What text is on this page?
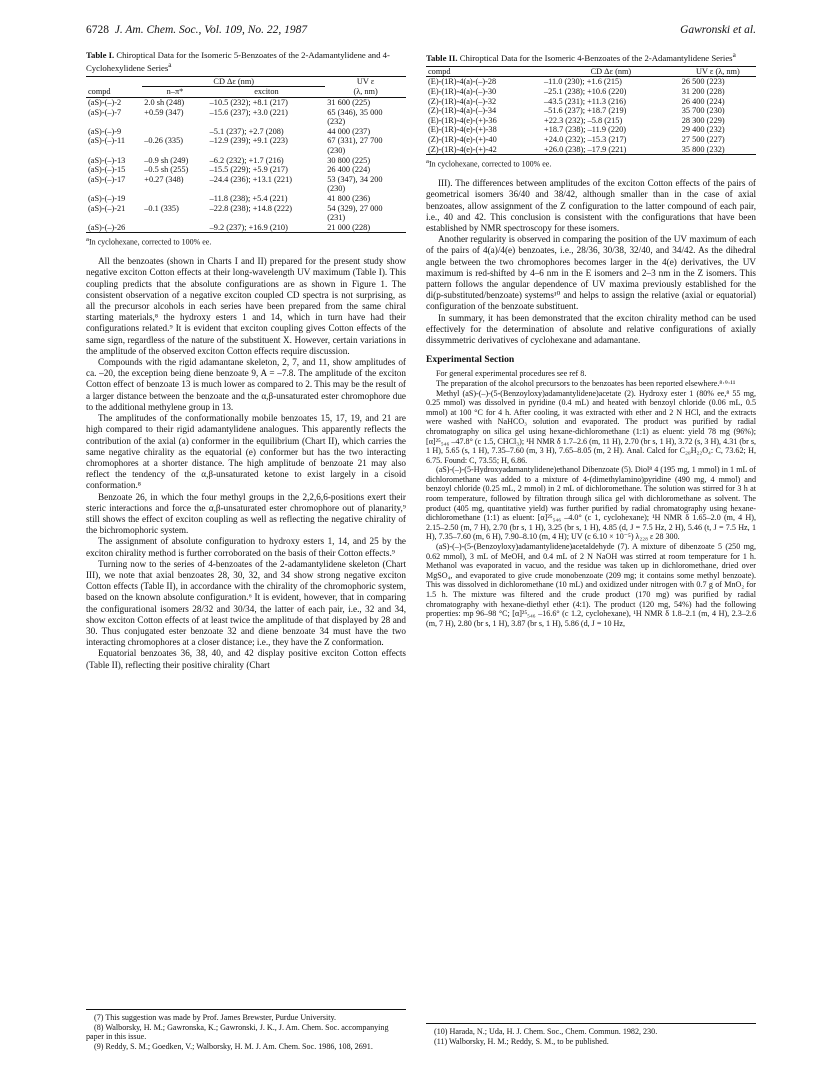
6728 J. Am. Chem. Soc., Vol. 109, No. 22, 1987	Gawronski et al.
Table I. Chiroptical Data for the Isomeric 5-Benzoates of the 2-Adamantylidene and 4-Cyclohexylidene Series$^a$
	CD Δε (nm)		UV ε
compd	n–π*	exciton	(λ, nm)
(aS)-(–)-2	2.0 sh (248)	–10.5 (232); +8.1 (217)	31 600 (225)
(aS)-(–)-7	+0.59 (347)	–15.6 (237); +3.0 (221)	65 (346), 35 000
			(232)
(aS)-(–)-9		–5.1 (237); +2.7 (208)	44 000 (237)
(aS)-(–)-11	–0.26 (335)	–12.9 (239); +9.1 (223)	67 (331), 27 700
			(230)
(aS)-(–)-13	–0.9 sh (249)	–6.2 (232); +1.7 (216)	30 800 (225)
(aS)-(–)-15	–0.5 sh (255)	–15.5 (229); +5.9 (217)	26 400 (224)
(aS)-(–)-17	+0.27 (348)	–24.4 (236); +13.1 (221)	53 (347), 34 200
			(230)
(aS)-(–)-19		–11.8 (238); +5.4 (221)	41 800 (236)
(aS)-(–)-21	–0.1 (335)	–22.8 (238); +14.8 (222)	54 (329), 27 000
			(231)
(aS)-(–)-26		–9.2 (237); +16.9 (210)	21 000 (228)
$^a$In cyclohexane, corrected to 100% ee.

All the benzoates (shown in Charts I and II) prepared for the present study show negative exciton Cotton effects at their long-wavelength UV maximum (Table I). This coupling predicts that the absolute configurations are as shown in Figure 1. The consistent observation of a negative exciton coupled CD spectra is not surprising, as all the precursor alcohols in each series have been prepared from the same chiral starting materials,⁸ the hydroxy esters 1 and 14, which in turn have had their configurations related.⁹ It is evident that exciton coupling gives Cotton effects of the same sign, regardless of the nature of the substituent X. However, certain variations in the amplitude of the observed exciton Cotton effects require discussion.

Compounds with the rigid adamantane skeleton, 2, 7, and 11, show amplitudes of ca. –20, the exception being diene benzoate 9, A = –7.8. The amplitude of the exciton Cotton effect of benzoate 13 is much lower as compared to 2. This may be the result of a larger distance between the benzoate and the α,β-unsaturated ester chromophore due to the additional methylene group in 13.

The amplitudes of the conformationally mobile benzoates 15, 17, 19, and 21 are high compared to their rigid adamantylidene analogues. This apparently reflects the contribution of the axial (a) conformer in the equilibrium (Chart II), which carries the same negative chirality as the equatorial (e) conformer but has the two interacting chromophores at a shorter distance. The high amplitude of benzoate 21 may also reflect the tendency of the α,β-unsaturated ketone to exist largely in a cisoid conformation.⁸

Benzoate 26, in which the four methyl groups in the 2,2,6,6-positions exert their steric interactions and force the α,β-unsaturated ester chromophore out of planarity,⁹ still shows the effect of exciton coupling as well as reflecting the negative chirality of the bichromophoric system.

The assignment of absolute configuration to hydroxy esters 1, 14, and 25 by the exciton chirality method is further corroborated on the basis of their Cotton effects.⁹

Turning now to the series of 4-benzoates of the 2-adamantylidene skeleton (Chart III), we note that axial benzoates 28, 30, 32, and 34 show strong negative exciton Cotton effects (Table II), in accordance with the chirality of the chromophoric system, based on the known absolute configuration.⁶ It is evident, however, that in comparing the configurational isomers 28/32 and 30/34, the latter of each pair, i.e., 32 and 34, show exciton Cotton effects of at least twice the amplitude of that displayed by 28 and 30. Thus conjugated ester benzoate 32 and diene benzoate 34 must have the two interacting chromophores at a closer distance; i.e., they have the Z conformation.

Equatorial benzoates 36, 38, 40, and 42 display positive exciton Cotton effects (Table II), reflecting their positive chirality (Chart

Table II. Chiroptical Data for the Isomeric 4-Benzoates of the 2-Adamantylidene Series$^a$
compd	CD Δε (nm)	UV ε (λ, nm)
(E)-(1R)-4(a)-(–)-28	–11.0 (230); +1.6 (215)	26 500 (223)
(E)-(1R)-4(a)-(–)-30	–25.1 (238); +10.6 (220)	31 200 (228)
(Z)-(1R)-4(a)-(–)-32	–43.5 (231); +11.3 (216)	26 400 (224)
(Z)-(1R)-4(a)-(–)-34	–51.6 (237); +18.7 (219)	35 700 (230)
(E)-(1R)-4(e)-(+)-36	+22.3 (232); –5.8 (215)	28 300 (229)
(E)-(1R)-4(e)-(+)-38	+18.7 (238); –11.9 (220)	29 400 (232)
(Z)-(1R)-4(e)-(+)-40	+24.0 (232); –15.3 (217)	27 500 (227)
(Z)-(1R)-4(e)-(+)-42	+26.0 (238); –17.9 (221)	35 800 (232)
$^a$In cyclohexane, corrected to 100% ee.

III). The differences between amplitudes of the exciton Cotton effects of the pairs of geometrical isomers 36/40 and 38/42, although smaller than in the case of axial benzoates, allow assignment of the Z configuration to the latter compound of each pair, i.e., 40 and 42. This conclusion is consistent with the configurations that have been established by NMR spectroscopy for these isomers.

Another regularity is observed in comparing the position of the UV maximum of each of the pairs of 4(a)/4(e) benzoates, i.e., 28/36, 30/38, 32/40, and 34/42. As the dihedral angle between the two chromophores becomes larger in the 4(e) derivatives, the UV maximum is red-shifted by 4–6 nm in the E isomers and 2–3 nm in the Z isomers. This pattern follows the angular dependence of UV maxima previously established for the di(p-substituted/benzoate) systems¹⁰ and helps to assign the relative (axial or equatorial) configuration of the benzoate substituent.

In summary, it has been demonstrated that the exciton chirality method can be used effectively for the determination of absolute and relative configurations of axially dissymmetric derivatives of cyclohexane and adamantane.

Experimental Section

For general experimental procedures see ref 8.

The preparation of the alcohol precursors to the benzoates has been reported elsewhere.⁸·⁹·¹¹

Methyl (aS)-(–)-(5-(Benzoyloxy)adamantylidene)acetate (2). Hydroxy ester 1 (80% ee,⁸ 55 mg, 0.25 mmol) was dissolved in pyridine (0.4 mL) and heated with benzoyl chloride (0.06 mL, 0.5 mmol) at 100 °C for 4 h. After cooling, it was extracted with ether and 2 N HCl, and the extracts were washed with NaHCO₃ solution and evaporated. The product was purified by radial chromatography on silica gel using hexane-dichloromethane (1:1) as eluent: yield 78 mg (96%); [α]²⁵₅₄₆ –47.8° (c 1.5, CHCl₃); ¹H NMR δ 1.7–2.6 (m, 11 H), 2.70 (br s, 1 H), 3.72 (s, 3 H), 4.31 (br s, 1 H), 5.65 (s, 1 H), 7.35–7.60 (m, 3 H), 7.65–8.05 (m, 2 H). Anal. Calcd for C₂₀H₂₂O₄: C, 73.62; H, 6.75. Found: C, 73.55; H, 6.86.

(aS)-(–)-(5-Hydroxyadamantylidene)ethanol Dibenzoate (5). Diol⁸ 4 (195 mg, 1 mmol) in 1 mL of dichloromethane was added to a mixture of 4-(dimethylamino)pyridine (490 mg, 4 mmol) and benzoyl chloride (0.25 mL, 2 mmol) in 2 mL of dichloromethane. The solution was stirred for 3 h at room temperature, followed by filtration through silica gel with dichloromethane as solvent. The product (405 mg, quantitative yield) was further purified by radial chromatography using hexane-dichloromethane (1:1) as eluent: [α]²⁵₅₄₆ –4.0° (c 1, cyclohexane); ¹H NMR δ 1.65–2.0 (m, 4 H), 2.15–2.50 (m, 7 H), 2.70 (br s, 1 H), 3.25 (br s, 1 H), 4.85 (d, J = 7.5 Hz, 2 H), 5.46 (t, J = 7.5 Hz, 1 H), 7.35–7.60 (m, 6 H), 7.90–8.10 (m, 4 H); UV (c 6.10 × 10⁻⁵) λ₂₂₈ ε 28 300.

(aS)-(–)-(5-(Benzoyloxy)adamantylidene)acetaldehyde (7). A mixture of dibenzoate 5 (250 mg, 0.62 mmol), 3 mL of MeOH, and 0.4 mL of 2 N NaOH was stirred at room temperature for 1 h. Methanol was evaporated in vacuo, and the residue was taken up in dichloromethane, dried over MgSO₄, and evaporated to give crude monobenzoate (209 mg; it contains some methyl benzoate). This was dissolved in dichloromethane (10 mL) and oxidized under nitrogen with 0.7 g of MnO₂ for 1.5 h. The mixture was filtered and the crude product (170 mg) was purified by radial chromatography with hexane-diethyl ether (4:1). The product (120 mg, 54%) had the following properties: mp 96–98 °C; [α]²⁵₅₄₆ –16.6° (c 1.2, cyclohexane), ¹H NMR δ 1.8–2.1 (m, 4 H), 2.3–2.6 (m, 7 H), 2.80 (br s, 1 H), 3.87 (br s, 1 H), 5.86 (d, J = 10 Hz,

(7) This suggestion was made by Prof. James Brewster, Purdue University.

(8) Walborsky, H. M.; Gawronska, K.; Gawronski, J. K., J. Am. Chem. Soc. accompanying paper in this issue.

(9) Reddy, S. M.; Goedken, V.; Walborsky, H. M. J. Am. Chem. Soc. 1986, 108, 2691.

(10) Harada, N.; Uda, H. J. Chem. Soc., Chem. Commun. 1982, 230.

(11) Walborsky, H. M.; Reddy, S. M., to be published.
